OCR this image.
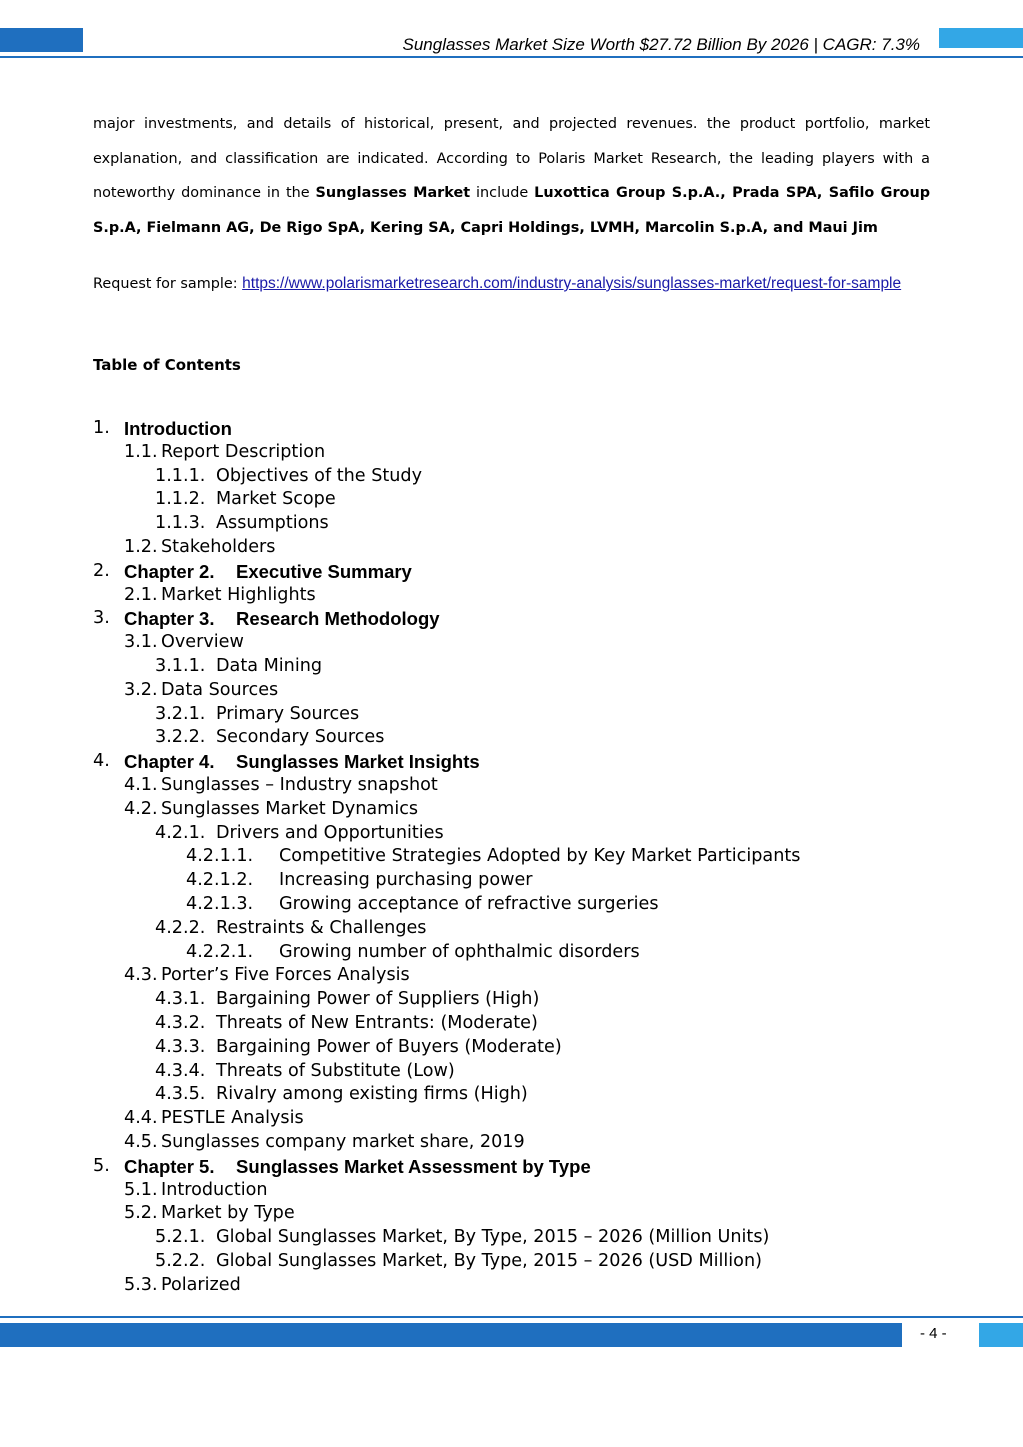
Sunglasses Market Size Worth $27.72 Billion By 2026 | CAGR: 7.3%
major investments, and details of historical, present, and projected revenues. the product portfolio, market explanation, and classification are indicated. According to Polaris Market Research, the leading players with a noteworthy dominance in the Sunglasses Market include Luxottica Group S.p.A., Prada SPA, Safilo Group S.p.A, Fielmann AG, De Rigo SpA, Kering SA, Capri Holdings, LVMH, Marcolin S.p.A, and Maui Jim
Request for sample: https://www.polarismarketresearch.com/industry-analysis/sunglasses-market/request-for-sample
Table of Contents
1. Introduction
1.1. Report Description
1.1.1. Objectives of the Study
1.1.2. Market Scope
1.1.3. Assumptions
1.2. Stakeholders
2. Chapter 2. Executive Summary
2.1. Market Highlights
3. Chapter 3. Research Methodology
3.1. Overview
3.1.1. Data Mining
3.2. Data Sources
3.2.1. Primary Sources
3.2.2. Secondary Sources
4. Chapter 4. Sunglasses Market Insights
4.1. Sunglasses – Industry snapshot
4.2. Sunglasses Market Dynamics
4.2.1. Drivers and Opportunities
4.2.1.1. Competitive Strategies Adopted by Key Market Participants
4.2.1.2. Increasing purchasing power
4.2.1.3. Growing acceptance of refractive surgeries
4.2.2. Restraints & Challenges
4.2.2.1. Growing number of ophthalmic disorders
4.3. Porter’s Five Forces Analysis
4.3.1. Bargaining Power of Suppliers (High)
4.3.2. Threats of New Entrants: (Moderate)
4.3.3. Bargaining Power of Buyers (Moderate)
4.3.4. Threats of Substitute (Low)
4.3.5. Rivalry among existing firms (High)
4.4. PESTLE Analysis
4.5. Sunglasses company market share, 2019
5. Chapter 5. Sunglasses Market Assessment by Type
5.1. Introduction
5.2. Market by Type
5.2.1. Global Sunglasses Market, By Type, 2015 – 2026 (Million Units)
5.2.2. Global Sunglasses Market, By Type, 2015 – 2026 (USD Million)
5.3. Polarized
- 4 -
